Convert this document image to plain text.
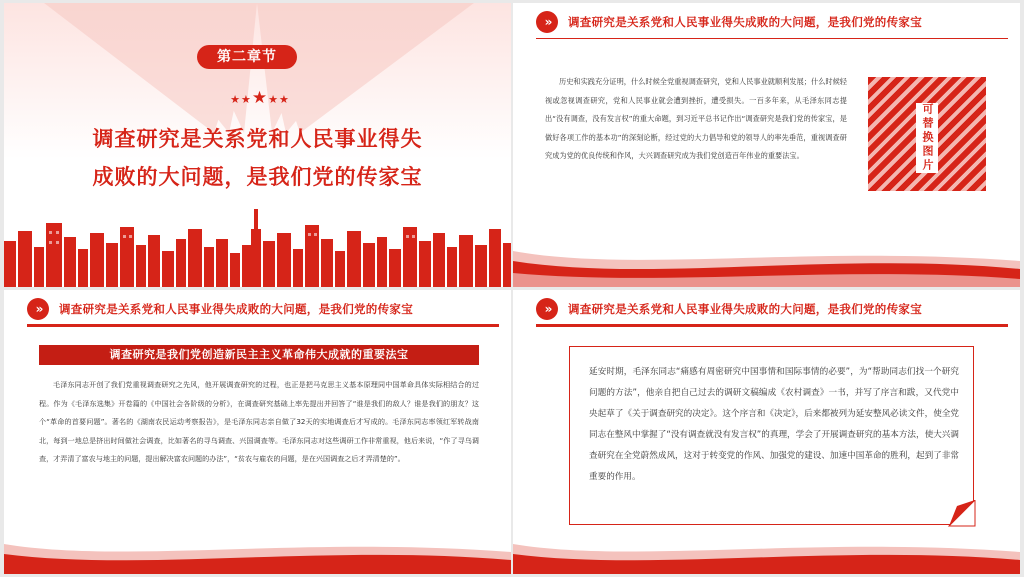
第二章节
★★★★★
调查研究是关系党和人民事业得失
成败的大问题，是我们党的传家宝
»	调查研究是关系党和人民事业得失成败的大问题，是我们党的传家宝
历史和实践充分证明，什么时候全党重视调查研究，党和人民事业就顺利发展；什么时候轻视或忽视调查研究，党和人民事业就会遭到挫折，遭受损失。一百多年来，从毛泽东同志提出“没有调查，没有发言权”的重大命题，到习近平总书记作出“调查研究是我们党的传家宝，是做好各项工作的基本功”的深刻论断，经过党的大力倡导和党的领导人的率先垂范，重视调查研究成为党的优良传统和作风，大兴调查研究成为我们党创造百年伟业的重要法宝。	可替换图片
»	调查研究是关系党和人民事业得失成败的大问题，是我们党的传家宝
调查研究是我们党创造新民主主义革命伟大成就的重要法宝
毛泽东同志开创了我们党重视调查研究之先风，他开展调查研究的过程，也正是把马克思主义基本原理同中国革命具体实际相结合的过程。作为《毛泽东选集》开卷篇的《中国社会各阶级的分析》，在调查研究基础上率先提出并回答了“谁是我们的敌人？谁是我们的朋友？这个“革命的首要问题”。著名的《湖南农民运动考察报告》，是毛泽东同志亲自做了32天的实地调查后才写成的。毛泽东同志率领红军转战南北，每到一地总是挤出时间做社会调查，比如著名的寻乌调查、兴国调查等。毛泽东同志对这些调研工作非常重视，他后来说，“作了寻乌调查，才弄清了富农与地主的问题，提出解决富农问题的办法”，“贫农与雇农的问题，是在兴国调查之后才弄清楚的”。
»	调查研究是关系党和人民事业得失成败的大问题，是我们党的传家宝
延安时期，毛泽东同志“痛感有周密研究中国事情和国际事情的必要”，为“帮助同志们找一个研究问题的方法”，他亲自把自己过去的调研文稿编成《农村调查》一书，并写了序言和跋，又代党中央起草了《关于调查研究的决定》。这个序言和《决定》，后来都被列为延安整风必读文件，使全党同志在整风中掌握了“没有调查就没有发言权”的真理，学会了开展调查研究的基本方法，使大兴调查研究在全党蔚然成风，这对于转变党的作风、加强党的建设、加速中国革命的胜利，起到了非常重要的作用。
